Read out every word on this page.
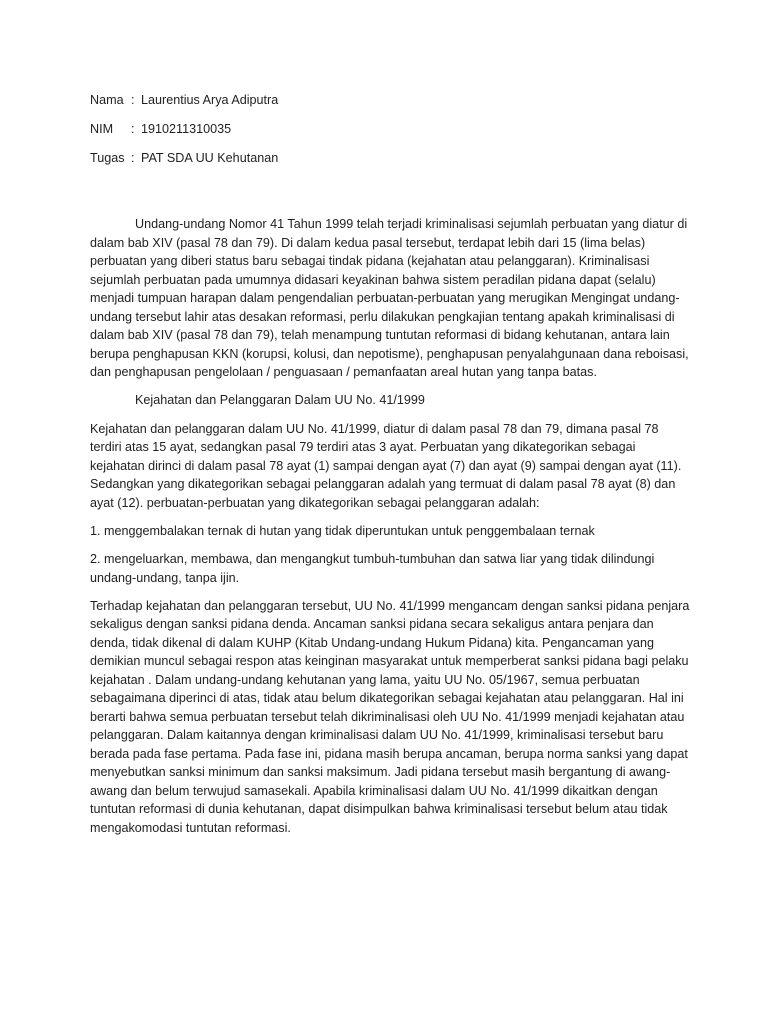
Nama : Laurentius Arya Adiputra
NIM	: 1910211310035
Tugas : PAT SDA UU Kehutanan

Undang-undang Nomor 41 Tahun 1999 telah terjadi kriminalisasi sejumlah perbuatan yang diatur di dalam bab XIV (pasal 78 dan 79). Di dalam kedua pasal tersebut, terdapat lebih dari 15 (lima belas) perbuatan yang diberi status baru sebagai tindak pidana (kejahatan atau pelanggaran). Kriminalisasi sejumlah perbuatan pada umumnya didasari keyakinan bahwa sistem peradilan pidana dapat (selalu) menjadi tumpuan harapan dalam pengendalian perbuatan-perbuatan yang merugikan Mengingat undang-undang tersebut lahir atas desakan reformasi, perlu dilakukan pengkajian tentang apakah kriminalisasi di dalam bab XIV (pasal 78 dan 79), telah menampung tuntutan reformasi di bidang kehutanan, antara lain berupa penghapusan KKN (korupsi, kolusi, dan nepotisme), penghapusan penyalahgunaan dana reboisasi, dan penghapusan pengelolaan / penguasaan / pemanfaatan areal hutan yang tanpa batas.

Kejahatan dan Pelanggaran Dalam UU No. 41/1999

Kejahatan dan pelanggaran dalam UU No. 41/1999, diatur di dalam pasal 78 dan 79, dimana pasal 78 terdiri atas 15 ayat, sedangkan pasal 79 terdiri atas 3 ayat. Perbuatan yang dikategorikan sebagai kejahatan dirinci di dalam pasal 78 ayat (1) sampai dengan ayat (7) dan ayat (9) sampai dengan ayat (11). Sedangkan yang dikategorikan sebagai pelanggaran adalah yang termuat di dalam pasal 78 ayat (8) dan ayat (12). perbuatan-perbuatan yang dikategorikan sebagai pelanggaran adalah:

1. menggembalakan ternak di hutan yang tidak diperuntukan untuk penggembalaan ternak

2. mengeluarkan, membawa, dan mengangkut tumbuh-tumbuhan dan satwa liar yang tidak dilindungi undang-undang, tanpa ijin.

Terhadap kejahatan dan pelanggaran tersebut, UU No. 41/1999 mengancam dengan sanksi pidana penjara sekaligus dengan sanksi pidana denda. Ancaman sanksi pidana secara sekaligus antara penjara dan denda, tidak dikenal di dalam KUHP (Kitab Undang-undang Hukum Pidana) kita. Pengancaman yang demikian muncul sebagai respon atas keinginan masyarakat untuk memperberat sanksi pidana bagi pelaku kejahatan . Dalam undang-undang kehutanan yang lama, yaitu UU No. 05/1967, semua perbuatan sebagaimana diperinci di atas, tidak atau belum dikategorikan sebagai kejahatan atau pelanggaran. Hal ini berarti bahwa semua perbuatan tersebut telah dikriminalisasi oleh UU No. 41/1999 menjadi kejahatan atau pelanggaran. Dalam kaitannya dengan kriminalisasi dalam UU No. 41/1999, kriminalisasi tersebut baru berada pada fase pertama. Pada fase ini, pidana masih berupa ancaman, berupa norma sanksi yang dapat menyebutkan sanksi minimum dan sanksi maksimum. Jadi pidana tersebut masih bergantung di awang-awang dan belum terwujud samasekali. Apabila kriminalisasi dalam UU No. 41/1999 dikaitkan dengan tuntutan reformasi di dunia kehutanan, dapat disimpulkan bahwa kriminalisasi tersebut belum atau tidak mengakomodasi tuntutan reformasi.
